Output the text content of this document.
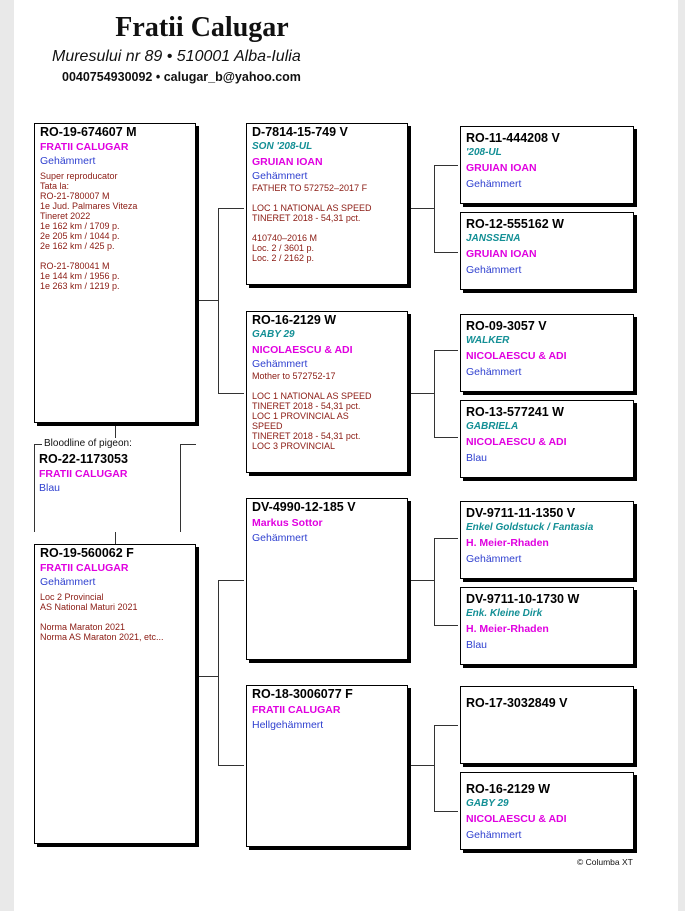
Fratii Calugar
Muresului nr 89 • 510001 Alba-Iulia
0040754930092 • calugar_b@yahoo.com
RO-19-674607 M
FRATII CALUGAR
Gehämmert
Super reproducator
Tata la:
RO-21-780007 M
1e Jud. Palmares Viteza
Tineret 2022
1e 162 km / 1709 p.
2e 205 km / 1044 p.
2e 162 km / 425 p.

RO-21-780041 M
1e 144 km / 1956 p.
1e 263 km / 1219 p.
Bloodline of pigeon:
RO-22-1173053
FRATII CALUGAR
Blau
RO-19-560062 F
FRATII CALUGAR
Gehämmert
Loc 2 Provincial
AS National Maturi 2021

Norma Maraton 2021
Norma AS Maraton 2021, etc...
D-7814-15-749 V
SON '208-UL
GRUIAN IOAN
Gehämmert
FATHER TO 572752–2017 F

LOC 1 NATIONAL AS SPEED
TINERET 2018 - 54,31 pct.

410740–2016 M
Loc. 2 / 3601 p.
Loc. 2 / 2162 p.
RO-16-2129 W
GABY 29
NICOLAESCU & ADI
Gehämmert
Mother to 572752-17

LOC 1 NATIONAL AS SPEED
TINERET 2018 - 54,31 pct.
LOC 1 PROVINCIAL AS
SPEED
TINERET 2018 - 54,31 pct.
LOC 3 PROVINCIAL
DV-4990-12-185 V
Markus Sottor
Gehämmert
RO-18-3006077 F
FRATII CALUGAR
Hellgehämmert
RO-11-444208 V
'208-UL
GRUIAN IOAN
Gehämmert
RO-12-555162 W
JANSSENA
GRUIAN IOAN
Gehämmert
RO-09-3057 V
WALKER
NICOLAESCU & ADI
Gehämmert
RO-13-577241 W
GABRIELA
NICOLAESCU & ADI
Blau
DV-9711-11-1350 V
Enkel Goldstuck / Fantasia
H. Meier-Rhaden
Gehämmert
DV-9711-10-1730 W
Enk. Kleine Dirk
H. Meier-Rhaden
Blau
RO-17-3032849 V
RO-16-2129 W
GABY 29
NICOLAESCU & ADI
Gehämmert
© Columba XT
